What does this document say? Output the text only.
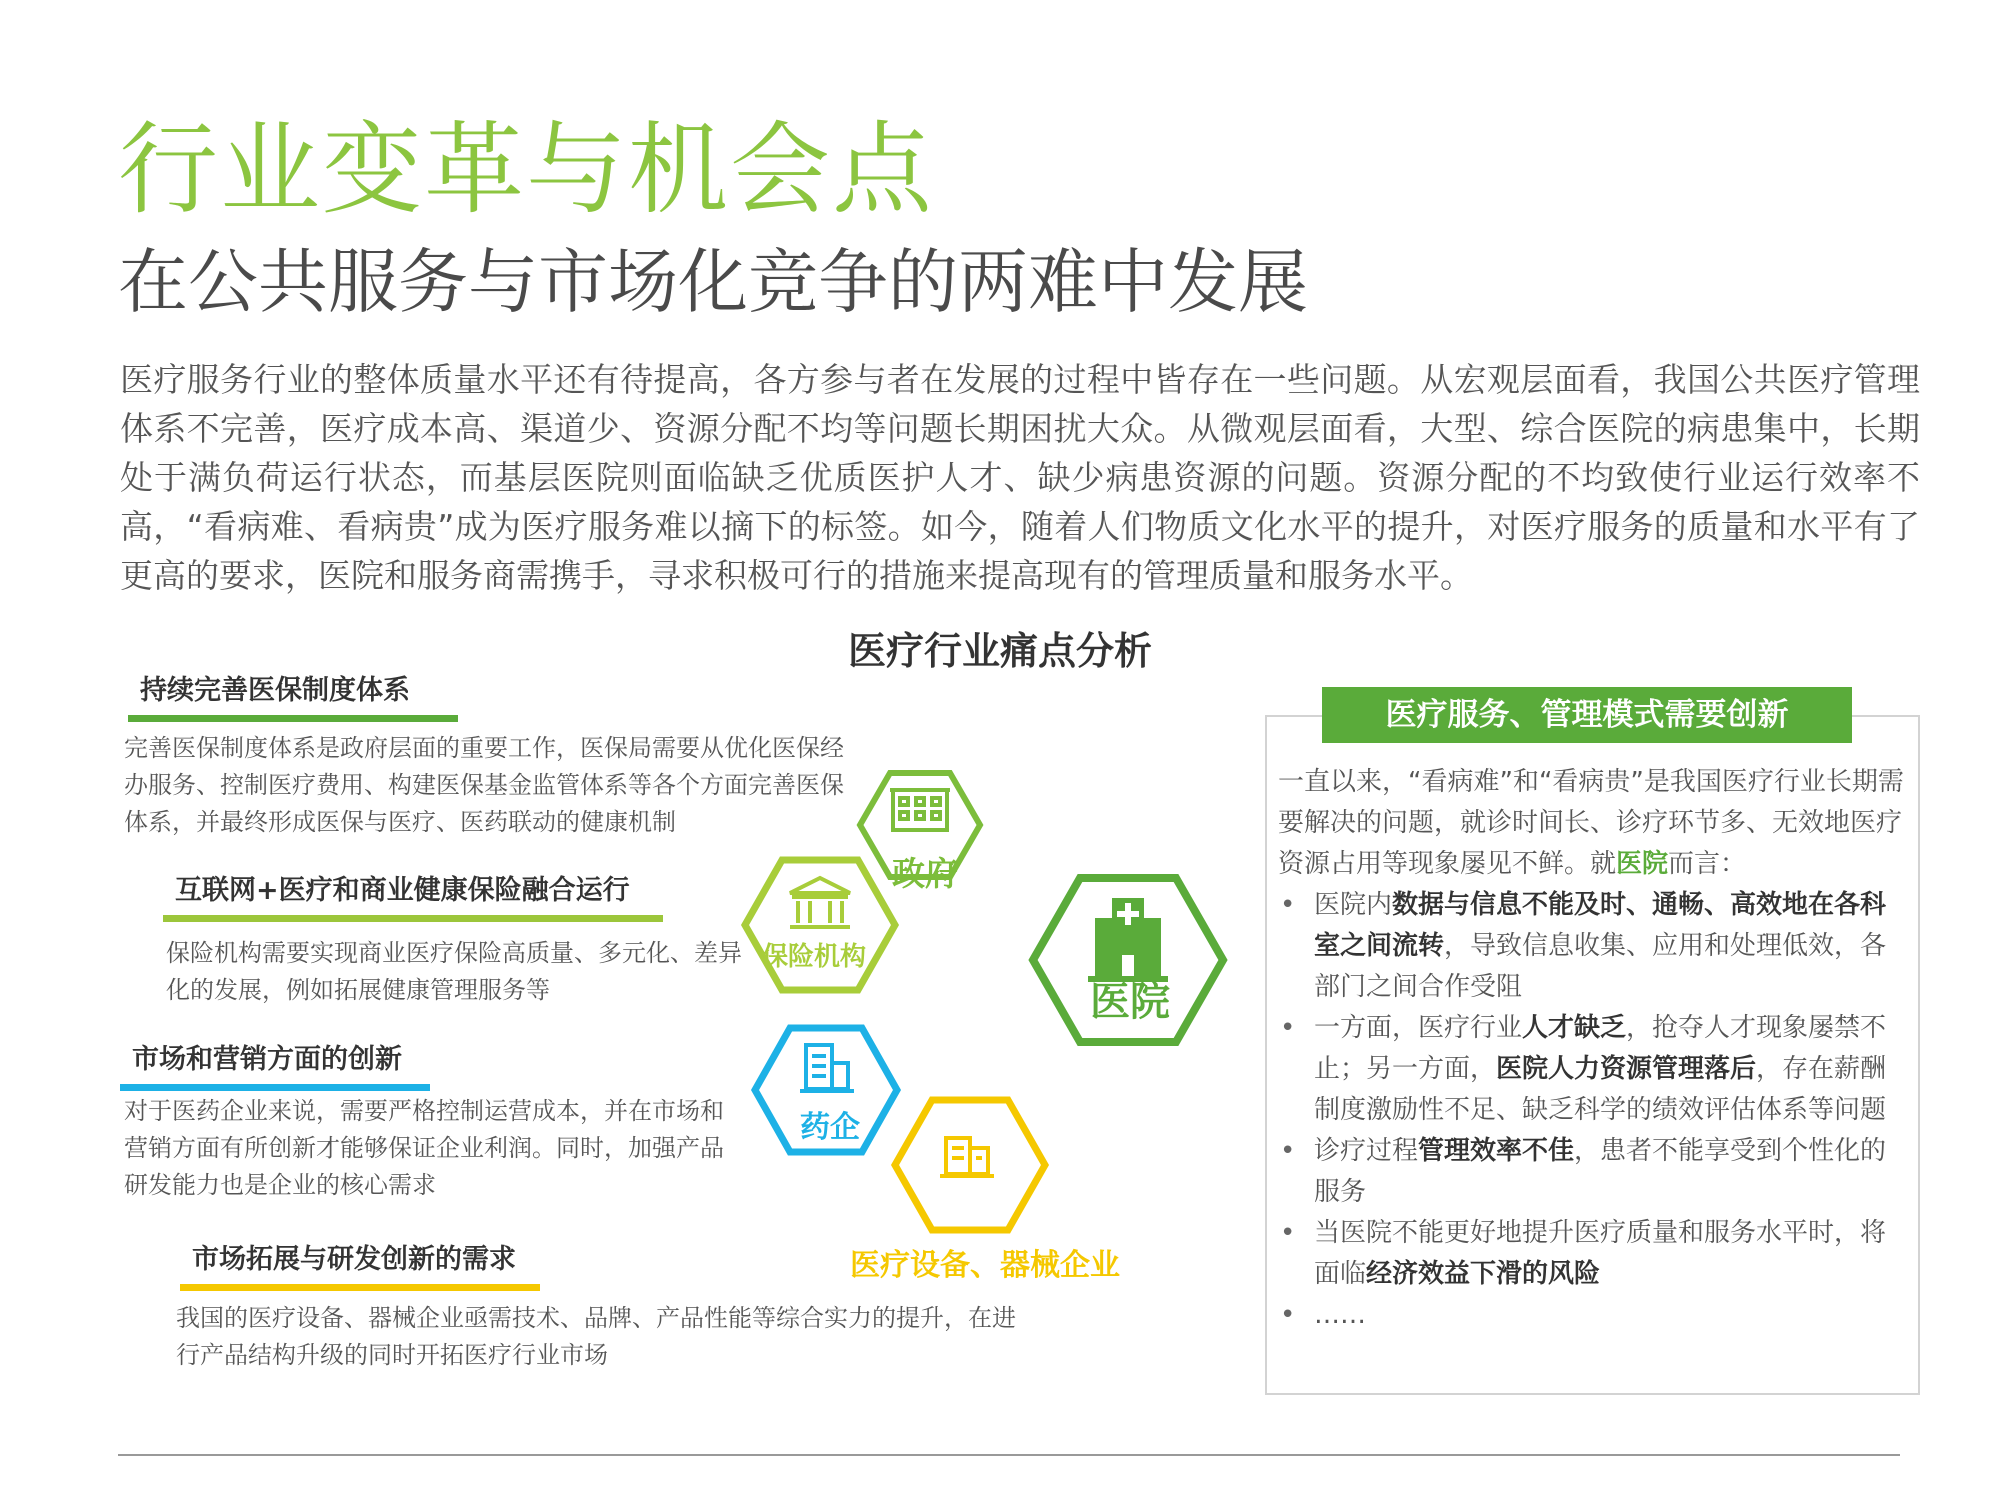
行业变革与机会点
在公共服务与市场化竞争的两难中发展

医疗服务行业的整体质量水平还有待提高，各方参与者在发展的过程中皆存在一些问题。从宏观层面看，我国公共医疗管理体系不完善，医疗成本高、渠道少、资源分配不均等问题长期困扰大众。从微观层面看，大型、综合医院的病患集中，长期处于满负荷运行状态，而基层医院则面临缺乏优质医护人才、缺少病患资源的问题。资源分配的不均致使行业运行效率不高，“看病难、看病贵”成为医疗服务难以摘下的标签。如今，随着人们物质文化水平的提升，对医疗服务的质量和水平有了更高的要求，医院和服务商需携手，寻求积极可行的措施来提高现有的管理质量和服务水平。

医疗行业痛点分析
持续完善医保制度体系
完善医保制度体系是政府层面的重要工作，医保局需要从优化医保经办服务、控制医疗费用、构建医保基金监管体系等各个方面完善医保体系，并最终形成医保与医疗、医药联动的健康机制
互联网+医疗和商业健康保险融合运行
保险机构需要实现商业医疗保险高质量、多元化、差异化的发展，例如拓展健康管理服务等
市场和营销方面的创新
对于医药企业来说，需要严格控制运营成本，并在市场和营销方面有所创新才能够保证企业利润。同时，加强产品研发能力也是企业的核心需求
市场拓展与研发创新的需求
我国的医疗设备、器械企业亟需技术、品牌、产品性能等综合实力的提升，在进行产品结构升级的同时开拓医疗行业市场
政府
保险机构
医院
药企
医疗设备、器械企业
医疗服务、管理模式需要创新
一直以来，“看病难”和“看病贵”是我国医疗行业长期需要解决的问题，就诊时间长、诊疗环节多、无效地医疗资源占用等现象屡见不鲜。就医院而言：
• 医院内数据与信息不能及时、通畅、高效地在各科室之间流转，导致信息收集、应用和处理低效，各部门之间合作受阻
• 一方面，医疗行业人才缺乏，抢夺人才现象屡禁不止；另一方面，医院人力资源管理落后，存在薪酬制度激励性不足、缺乏科学的绩效评估体系等问题
• 诊疗过程管理效率不佳，患者不能享受到个性化的服务
• 当医院不能更好地提升医疗质量和服务水平时，将面临经济效益下滑的风险
• ……
